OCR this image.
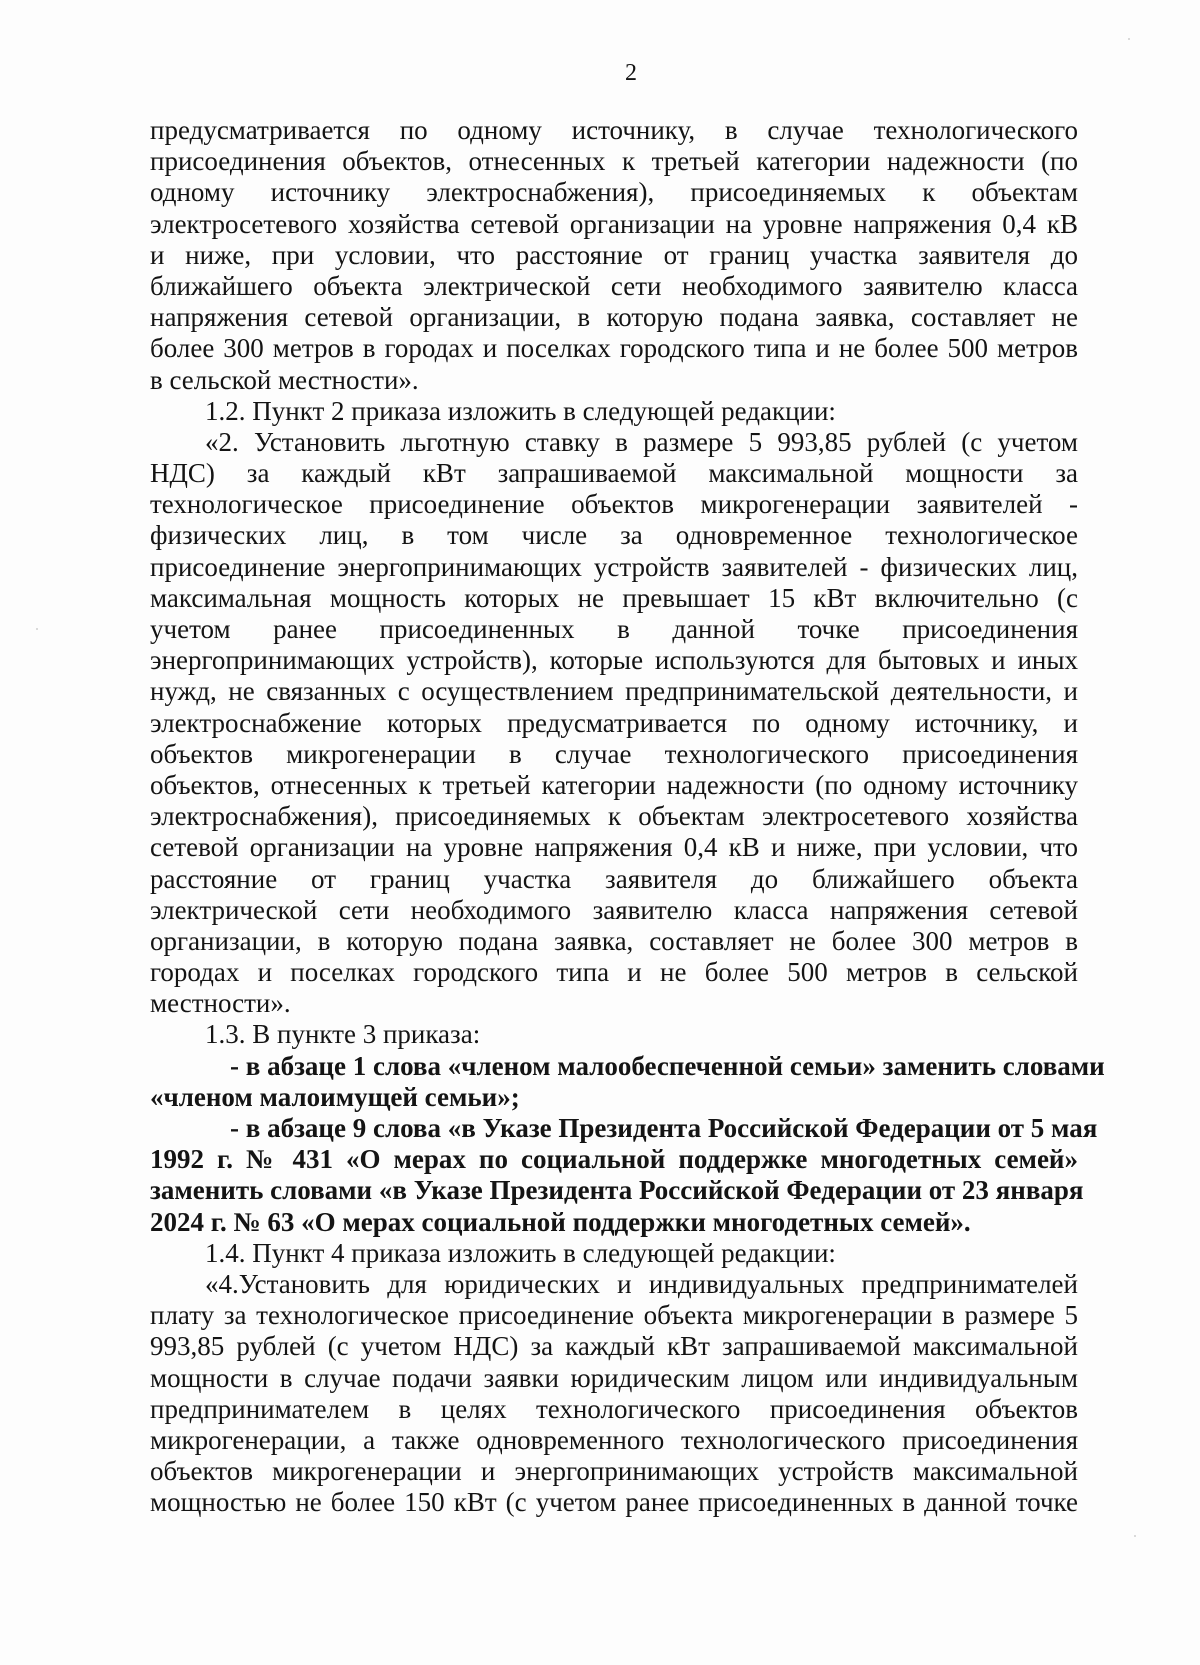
2
предусматривается по одному источнику, в случае технологического
присоединения объектов, отнесенных к третьей категории надежности (по
одному источнику электроснабжения), присоединяемых к объектам
электросетевого хозяйства сетевой организации на уровне напряжения 0,4 кВ
и ниже, при условии, что расстояние от границ участка заявителя до
ближайшего объекта электрической сети необходимого заявителю класса
напряжения сетевой организации, в которую подана заявка, составляет не
более 300 метров в городах и поселках городского типа и не более 500 метров
в сельской местности».
1.2. Пункт 2 приказа изложить в следующей редакции:
«2. Установить льготную ставку в размере 5 993,85 рублей (с учетом
НДС) за каждый кВт запрашиваемой максимальной мощности за
технологическое присоединение объектов микрогенерации заявителей -
физических лиц, в том числе за одновременное технологическое
присоединение энергопринимающих устройств заявителей - физических лиц,
максимальная мощность которых не превышает 15 кВт включительно (с
учетом ранее присоединенных в данной точке присоединения
энергопринимающих устройств), которые используются для бытовых и иных
нужд, не связанных с осуществлением предпринимательской деятельности, и
электроснабжение которых предусматривается по одному источнику, и
объектов микрогенерации в случае технологического присоединения
объектов, отнесенных к третьей категории надежности (по одному источнику
электроснабжения), присоединяемых к объектам электросетевого хозяйства
сетевой организации на уровне напряжения 0,4 кВ и ниже, при условии, что
расстояние от границ участка заявителя до ближайшего объекта
электрической сети необходимого заявителю класса напряжения сетевой
организации, в которую подана заявка, составляет не более 300 метров в
городах и поселках городского типа и не более 500 метров в сельской
местности».
1.3. В пункте 3 приказа:
- в абзаце 1 слова «членом малообеспеченной семьи» заменить словами
«членом малоимущей семьи»;
- в абзаце 9 слова «в Указе Президента Российской Федерации от 5 мая
1992 г. № 431 «О мерах по социальной поддержке многодетных семей»
заменить словами «в Указе Президента Российской Федерации от 23 января
2024 г. № 63 «О мерах социальной поддержки многодетных семей».
1.4. Пункт 4 приказа изложить в следующей редакции:
«4.Установить для юридических и индивидуальных предпринимателей
плату за технологическое присоединение объекта микрогенерации в размере 5
993,85 рублей (с учетом НДС) за каждый кВт запрашиваемой максимальной
мощности в случае подачи заявки юридическим лицом или индивидуальным
предпринимателем в целях технологического присоединения объектов
микрогенерации, а также одновременного технологического присоединения
объектов микрогенерации и энергопринимающих устройств максимальной
мощностью не более 150 кВт (с учетом ранее присоединенных в данной точке
